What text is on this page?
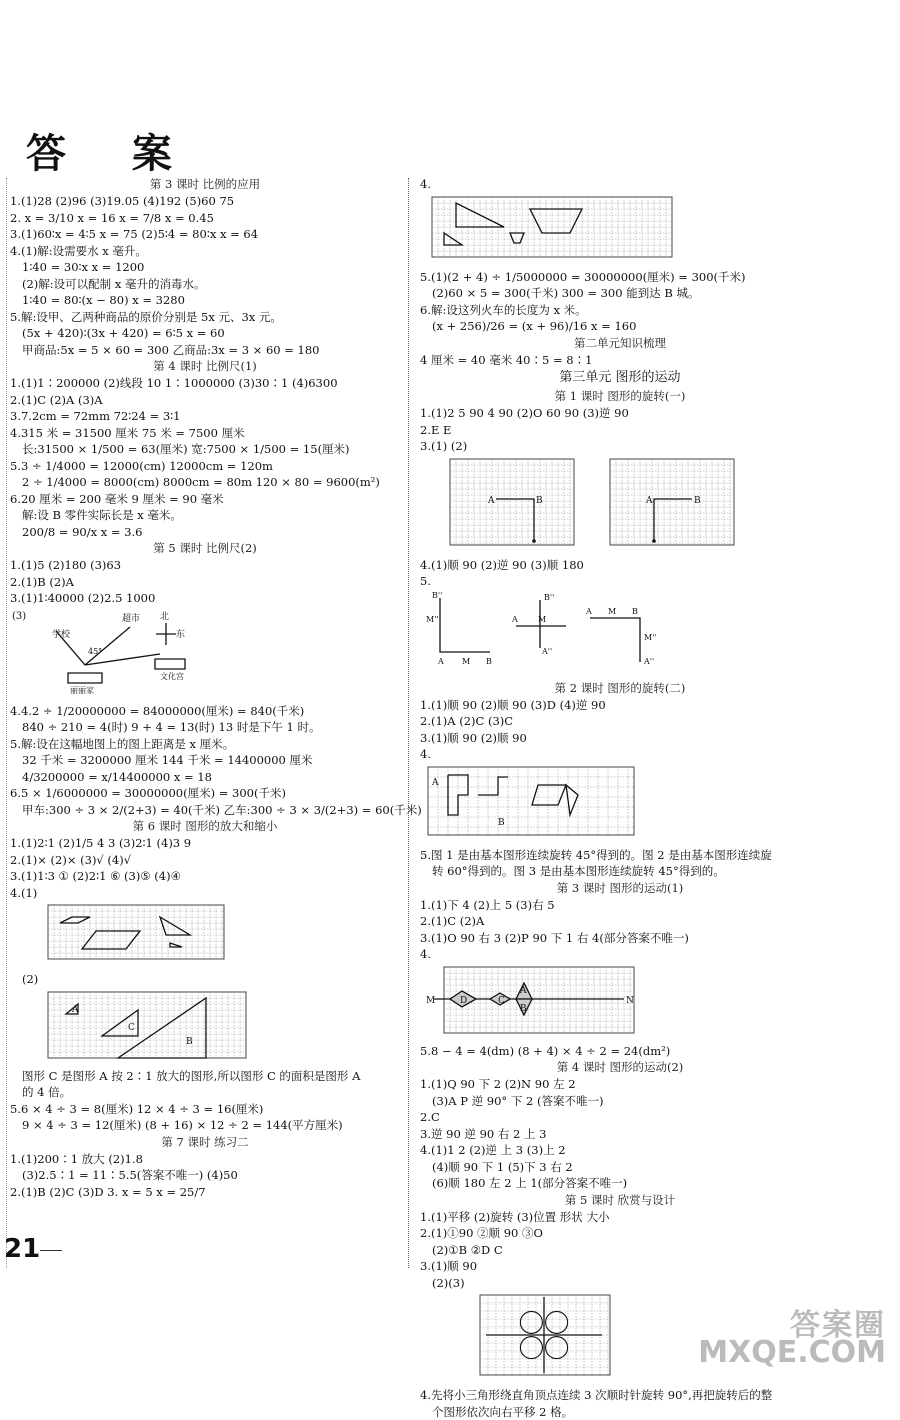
答 案
第 3 课时 比例的应用
1.(1)28 (2)96 (3)19.05 (4)192 (5)60 75
2. x = 3/10 x = 16 x = 7/8 x = 0.45
3.(1)60∶x = 4∶5 x = 75 (2)5∶4 = 80∶x x = 64
4.(1)解:设需要水 x 毫升。
1∶40 = 30∶x x = 1200
(2)解:设可以配制 x 毫升的消毒水。
1∶40 = 80∶(x − 80) x = 3280
5.解:设甲、乙两种商品的原价分别是 5x 元、3x 元。
(5x + 420)∶(3x + 420) = 6∶5 x = 60
甲商品:5x = 5 × 60 = 300 乙商品:3x = 3 × 60 = 180
第 4 课时 比例尺(1)
1.(1)1∶200000 (2)线段 10 1∶1000000 (3)30∶1 (4)6300
2.(1)C (2)A (3)A
3.7.2cm = 72mm 72∶24 = 3∶1
4.315 米 = 31500 厘米 75 米 = 7500 厘米
长:31500 × 1/500 = 63(厘米) 宽:7500 × 1/500 = 15(厘米)
5.3 ÷ 1/4000 = 12000(cm) 12000cm = 120m
2 ÷ 1/4000 = 8000(cm) 8000cm = 80m 120 × 80 = 9600(m²)
6.20 厘米 = 200 毫米 9 厘米 = 90 毫米
解:设 B 零件实际长是 x 毫米。
200/8 = 90/x x = 3.6
第 5 课时 比例尺(2)
1.(1)5 (2)180 (3)63
2.(1)B (2)A
3.(1)1∶40000 (2)2.5 1000
(3)	超市 北
东
学校
45°
丽丽家
文化宫
4.4.2 ÷ 1/20000000 = 84000000(厘米) = 840(千米)
840 ÷ 210 = 4(时) 9 + 4 = 13(时) 13 时是下午 1 时。
5.解:设在这幅地图上的图上距离是 x 厘米。
32 千米 = 3200000 厘米 144 千米 = 14400000 厘米
4/3200000 = x/14400000 x = 18
6.5 × 1/6000000 = 30000000(厘米) = 300(千米)
甲车:300 ÷ 3 × 2/(2+3) = 40(千米) 乙车:300 ÷ 3 × 3/(2+3) = 60(千米)
第 6 课时 图形的放大和缩小
1.(1)2∶1 (2)1/5 4 3 (3)2∶1 (4)3 9
2.(1)× (2)× (3)√ (4)√
3.(1)1∶3 ① (2)2∶1 ⑥ (3)⑤ (4)④
4.(1)
(2)
A
C
B
图形 C 是图形 A 按 2∶1 放大的图形,所以图形 C 的面积是图形 A
的 4 倍。
5.6 × 4 ÷ 3 = 8(厘米) 12 × 4 ÷ 3 = 16(厘米)
9 × 4 ÷ 3 = 12(厘米) (8 + 16) × 12 ÷ 2 = 144(平方厘米)
第 7 课时 练习二
1.(1)200∶1 放大 (2)1.8
(3)2.5∶1 = 11∶5.5(答案不唯一) (4)50
2.(1)B (2)C (3)D 3. x = 5 x = 25/7
4.
5.(1)(2 + 4) ÷ 1/5000000 = 30000000(厘米) = 300(千米)
(2)60 × 5 = 300(千米) 300 = 300 能到达 B 城。
6.解:设这列火车的长度为 x 米。
(x + 256)/26 = (x + 96)/16 x = 160
第二单元知识梳理
4 厘米 = 40 毫米 40∶5 = 8∶1
第三单元 图形的运动
第 1 课时 图形的旋转(一)
1.(1)2 5 90 4 90 (2)O 60 90 (3)逆 90
2.E E
3.(1) (2)
A	B	A	B
4.(1)顺 90 (2)逆 90 (3)顺 180
5.
B''
M''
A M B
A	M
B''
A''
A M B
M''
A''
第 2 课时 图形的旋转(二)
1.(1)顺 90 (2)顺 90 (3)D (4)逆 90
2.(1)A (2)C (3)C
3.(1)顺 90 (2)顺 90
4.
A
B
5.图 1 是由基本图形连续旋转 45°得到的。图 2 是由基本图形连续旋
转 60°得到的。图 3 是由基本图形连续旋转 45°得到的。
第 3 课时 图形的运动(1)
1.(1)下 4 (2)上 5 (3)右 5
2.(1)C (2)A
3.(1)O 90 右 3 (2)P 90 下 1 右 4(部分答案不唯一)
4.
M	N
D	C
A
B
5.8 − 4 = 4(dm) (8 + 4) × 4 ÷ 2 = 24(dm²)
第 4 课时 图形的运动(2)
1.(1)Q 90 下 2 (2)N 90 左 2
(3)A P 逆 90° 下 2 (答案不唯一)
2.C
3.逆 90 逆 90 右 2 上 3
4.(1)1 2 (2)逆 上 3 (3)上 2
(4)顺 90 下 1 (5)下 3 右 2
(6)顺 180 左 2 上 1(部分答案不唯一)
第 5 课时 欣赏与设计
1.(1)平移 (2)旋转 (3)位置 形状 大小
2.(1)①90 ②顺 90 ③O
(2)①B ②D C
3.(1)顺 90
(2)(3)
4.先将小三角形绕直角顶点连续 3 次顺时针旋转 90°,再把旋转后的整
个图形依次向右平移 2 格。
21
答案圈
MXQE.COM
